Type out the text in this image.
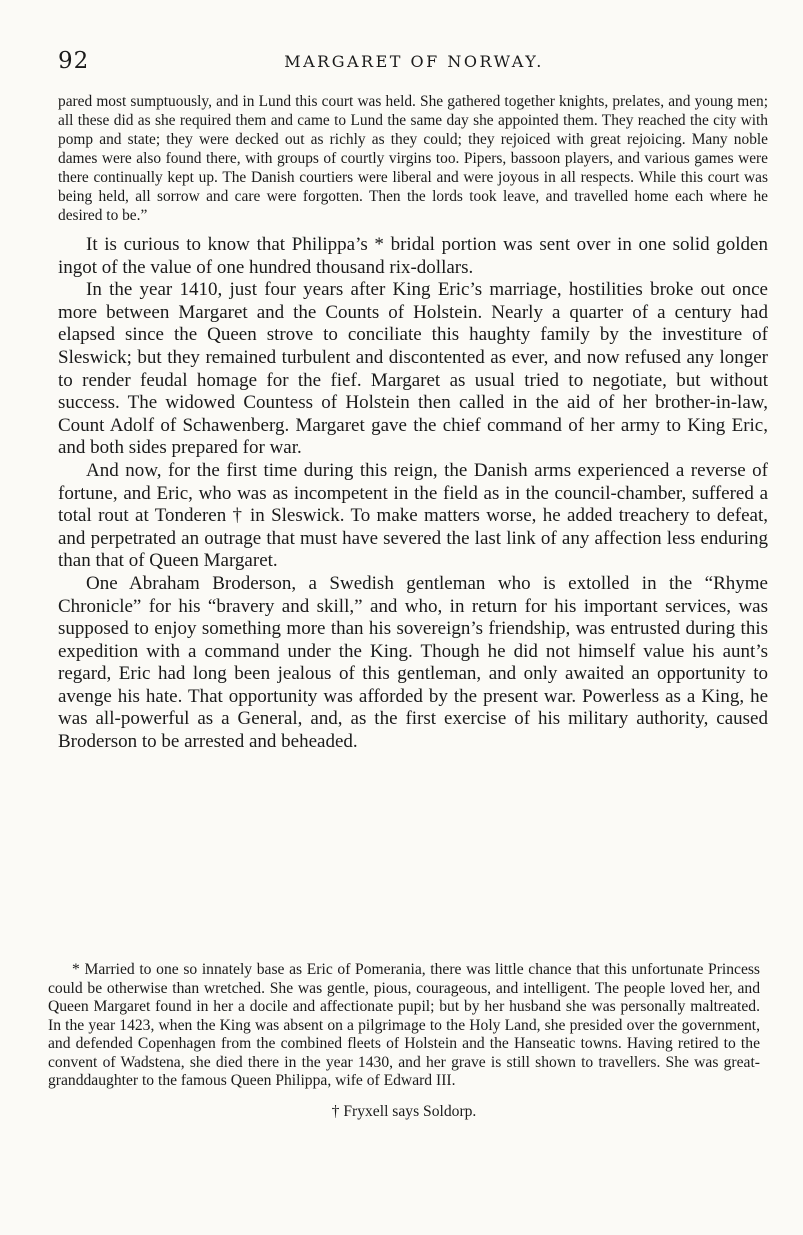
92	MARGARET OF NORWAY.

pared most sumptuously, and in Lund this court was held. She gathered together knights, prelates, and young men; all these did as she required them and came to Lund the same day she appointed them. They reached the city with pomp and state; they were decked out as richly as they could; they rejoiced with great rejoicing. Many noble dames were also found there, with groups of courtly virgins too. Pipers, bassoon players, and various games were there continually kept up. The Danish courtiers were liberal and were joyous in all respects. While this court was being held, all sorrow and care were forgotten. Then the lords took leave, and travelled home each where he desired to be.”

It is curious to know that Philippa’s * bridal portion was sent over in one solid golden ingot of the value of one hundred thousand rix-dollars.

In the year 1410, just four years after King Eric’s marriage, hostilities broke out once more between Margaret and the Counts of Holstein. Nearly a quarter of a century had elapsed since the Queen strove to conciliate this haughty family by the investiture of Sleswick; but they remained turbulent and discontented as ever, and now refused any longer to render feudal homage for the fief. Margaret as usual tried to negotiate, but without success. The widowed Countess of Holstein then called in the aid of her brother-in-law, Count Adolf of Schawenberg. Margaret gave the chief command of her army to King Eric, and both sides prepared for war.

And now, for the first time during this reign, the Danish arms experienced a reverse of fortune, and Eric, who was as incompetent in the field as in the council-chamber, suffered a total rout at Tonderen † in Sleswick. To make matters worse, he added treachery to defeat, and perpetrated an outrage that must have severed the last link of any affection less enduring than that of Queen Margaret.

One Abraham Broderson, a Swedish gentleman who is extolled in the “Rhyme Chronicle” for his “bravery and skill,” and who, in return for his important services, was supposed to enjoy something more than his sovereign’s friendship, was entrusted during this expedition with a command under the King. Though he did not himself value his aunt’s regard, Eric had long been jealous of this gentleman, and only awaited an opportunity to avenge his hate. That opportunity was afforded by the present war. Powerless as a King, he was all-powerful as a General, and, as the first exercise of his military authority, caused Broderson to be arrested and beheaded.

* Married to one so innately base as Eric of Pomerania, there was little chance that this unfortunate Princess could be otherwise than wretched. She was gentle, pious, courageous, and intelligent. The people loved her, and Queen Margaret found in her a docile and affectionate pupil; but by her husband she was personally maltreated. In the year 1423, when the King was absent on a pilgrimage to the Holy Land, she presided over the government, and defended Copenhagen from the combined fleets of Holstein and the Hanseatic towns. Having retired to the convent of Wadstena, she died there in the year 1430, and her grave is still shown to travellers. She was great-granddaughter to the famous Queen Philippa, wife of Edward III.

† Fryxell says Soldorp.
